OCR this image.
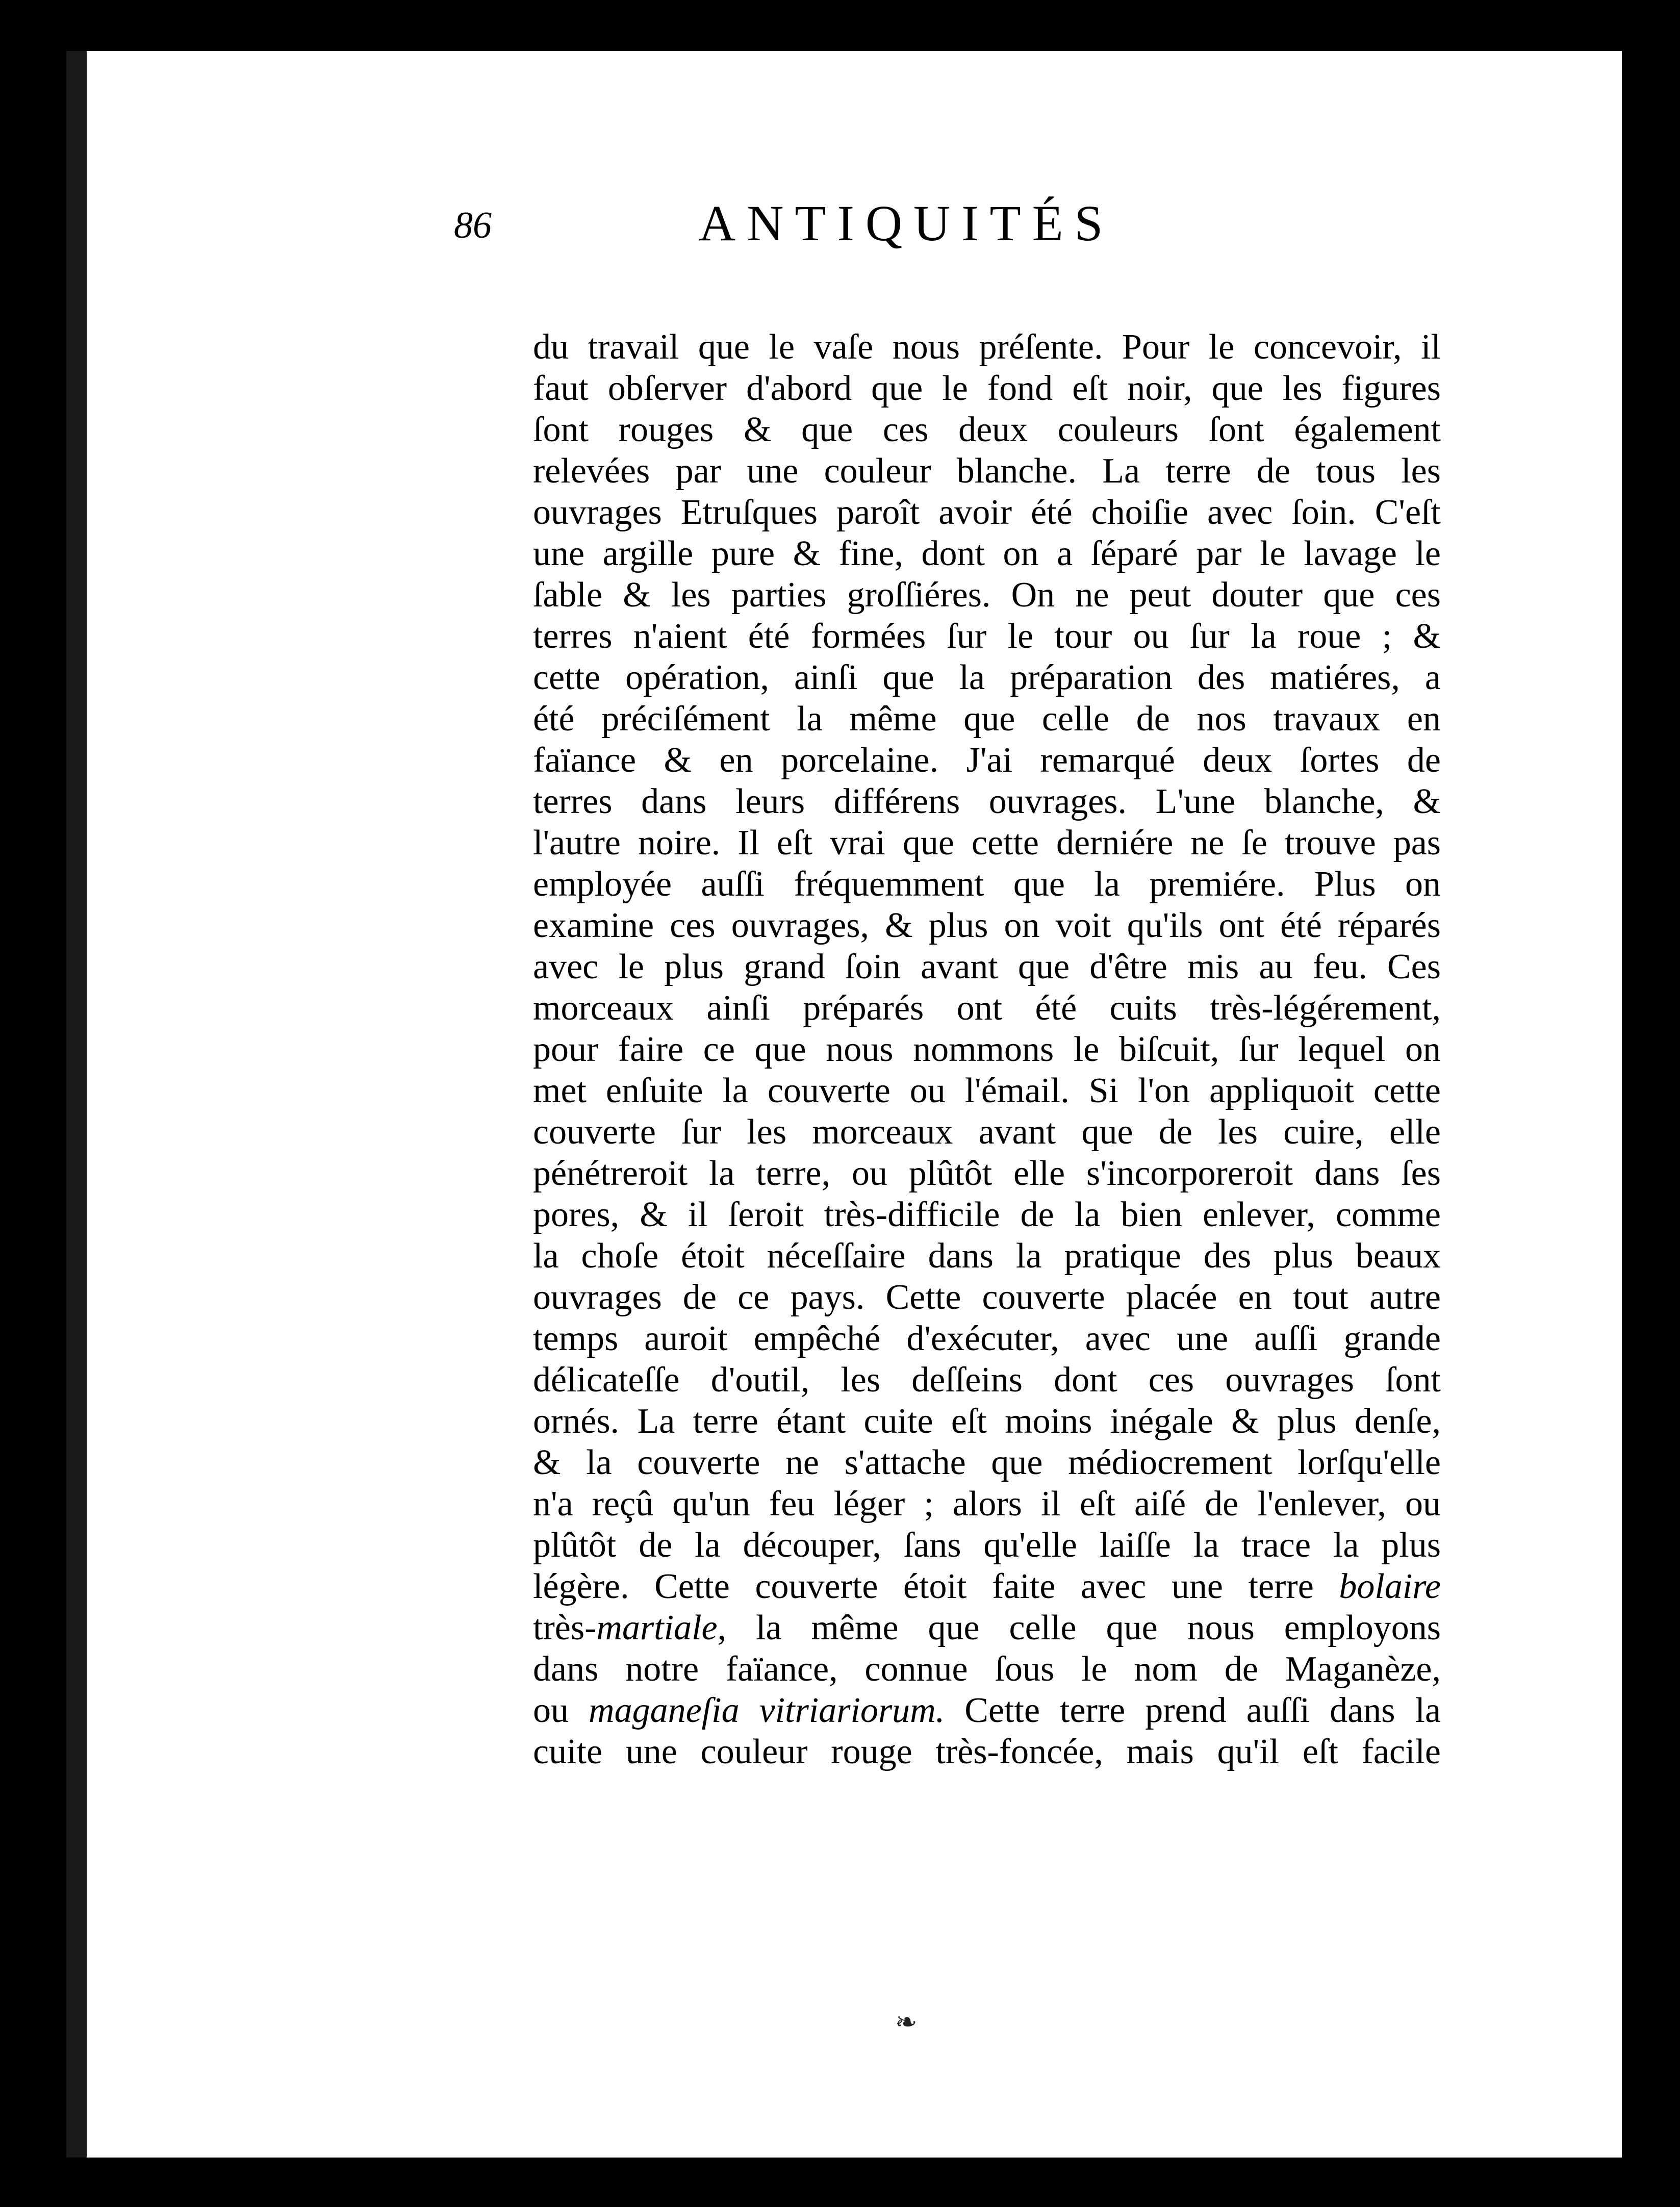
86	ANTIQUITÉS
du travail que le vaſe nous préſente. Pour le concevoir, il
faut obſerver d'abord que le fond eſt noir, que les figures
ſont rouges & que ces deux couleurs ſont également
relevées par une couleur blanche. La terre de tous les
ouvrages Etruſques paroît avoir été choiſie avec ſoin. C'eſt
une argille pure & fine, dont on a ſéparé par le lavage le
ſable & les parties groſſiéres. On ne peut douter que ces
terres n'aient été formées ſur le tour ou ſur la roue ; &
cette opération, ainſi que la préparation des matiéres, a
été préciſément la même que celle de nos travaux en
faïance & en porcelaine. J'ai remarqué deux ſortes de
terres dans leurs différens ouvrages. L'une blanche, &
l'autre noire. Il eſt vrai que cette derniére ne ſe trouve pas
employée auſſi fréquemment que la premiére. Plus on
examine ces ouvrages, & plus on voit qu'ils ont été réparés
avec le plus grand ſoin avant que d'être mis au feu. Ces
morceaux ainſi préparés ont été cuits très-légérement,
pour faire ce que nous nommons le biſcuit, ſur lequel on
met enſuite la couverte ou l'émail. Si l'on appliquoit cette
couverte ſur les morceaux avant que de les cuire, elle
pénétreroit la terre, ou plûtôt elle s'incorporeroit dans ſes
pores, & il ſeroit très-difficile de la bien enlever, comme
la choſe étoit néceſſaire dans la pratique des plus beaux
ouvrages de ce pays. Cette couverte placée en tout autre
temps auroit empêché d'exécuter, avec une auſſi grande
délicateſſe d'outil, les deſſeins dont ces ouvrages ſont
ornés. La terre étant cuite eſt moins inégale & plus denſe,
& la couverte ne s'attache que médiocrement lorſqu'elle
n'a reçû qu'un feu léger ; alors il eſt aiſé de l'enlever, ou
plûtôt de la découper, ſans qu'elle laiſſe la trace la plus
légère. Cette couverte étoit faite avec une terre bolaire
très-martiale, la même que celle que nous employons
dans notre faïance, connue ſous le nom de Maganèze,
ou maganeſia vitriariorum. Cette terre prend auſſi dans la
cuite une couleur rouge très-foncée, mais qu'il eſt facile
❧
